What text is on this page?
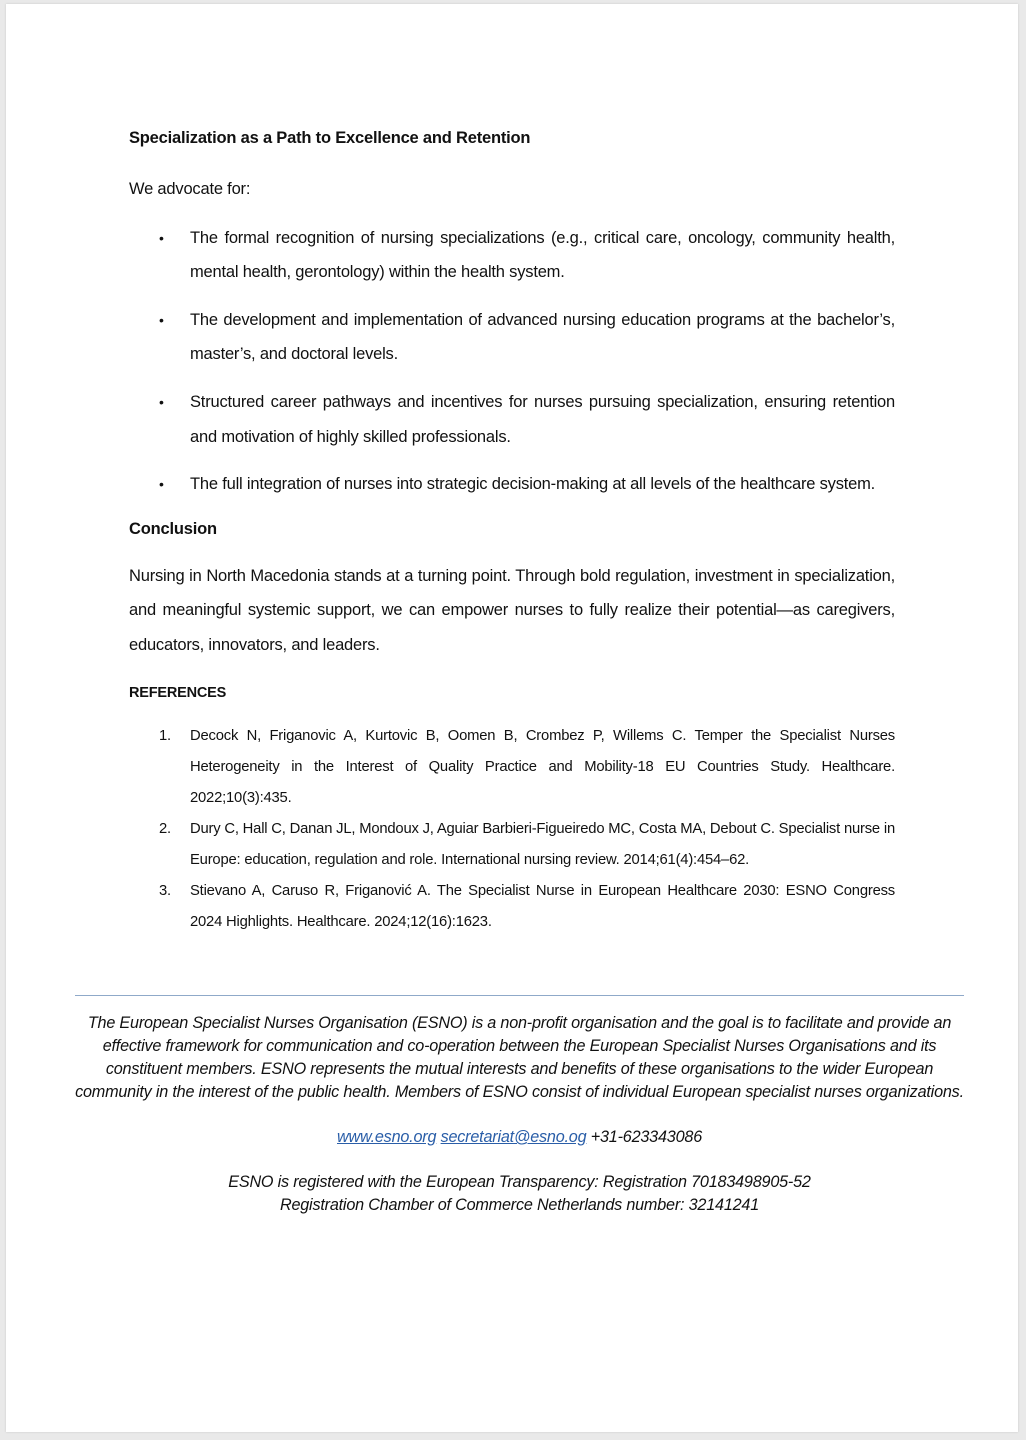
Specialization as a Path to Excellence and Retention

We advocate for:

• The formal recognition of nursing specializations (e.g., critical care, oncology, community health, mental health, gerontology) within the health system.
• The development and implementation of advanced nursing education programs at the bachelor’s, master’s, and doctoral levels.
• Structured career pathways and incentives for nurses pursuing specialization, ensuring retention and motivation of highly skilled professionals.
• The full integration of nurses into strategic decision-making at all levels of the healthcare system.
Conclusion

Nursing in North Macedonia stands at a turning point. Through bold regulation, investment in specialization, and meaningful systemic support, we can empower nurses to fully realize their potential—as caregivers, educators, innovators, and leaders.

REFERENCES
1. Decock N, Friganovic A, Kurtovic B, Oomen B, Crombez P, Willems C. Temper the Specialist Nurses Heterogeneity in the Interest of Quality Practice and Mobility-18 EU Countries Study. Healthcare. 2022;10(3):435.
2. Dury C, Hall C, Danan JL, Mondoux J, Aguiar Barbieri-Figueiredo MC, Costa MA, Debout C. Specialist nurse in Europe: education, regulation and role. International nursing review. 2014;61(4):454–62.
3. Stievano A, Caruso R, Friganović A. The Specialist Nurse in European Healthcare 2030: ESNO Congress 2024 Highlights. Healthcare. 2024;12(16):1623.
The European Specialist Nurses Organisation (ESNO) is a non-profit organisation and the goal is to facilitate and provide an effective framework for communication and co-operation between the European Specialist Nurses Organisations and its constituent members. ESNO represents the mutual interests and benefits of these organisations to the wider European community in the interest of the public health. Members of ESNO consist of individual European specialist nurses organizations.
www.esno.org secretariat@esno.og +31-623343086
ESNO is registered with the European Transparency: Registration 70183498905-52
Registration Chamber of Commerce Netherlands number: 32141241
